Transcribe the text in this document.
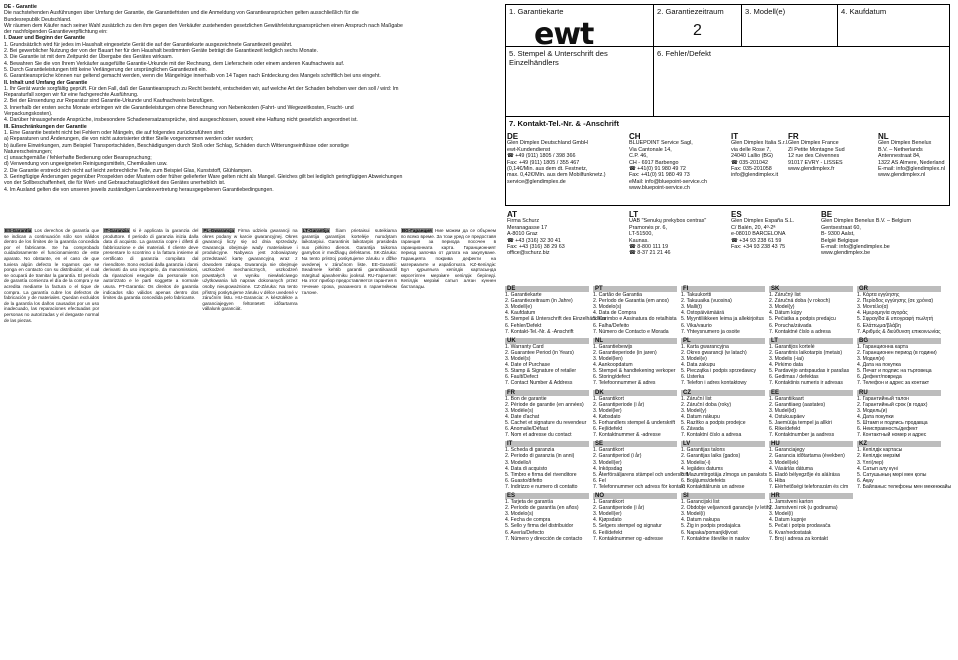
DE - Garantie

Die nachstehenden Ausführungen über Umfang der Garantie, die Garantiefristen und die Anmeldung von Garantieansprüchen gelten ausschließlich für die

Bundesrepublik Deutschland.

Wir räumen dem Käufer nach seiner Wahl zusätzlich zu den ihm gegen den Verkäufer zustehenden gesetzlichen Gewährleistungsansprüchen einen Anspruch nach Maßgabe

der nachfolgenden Garantieverpflichtung ein:

I. Dauer und Beginn der Garantie

1. Grundsätzlich wird für jedes im Haushalt eingesetzte Gerät die auf der Garantiekarte ausgezeichnete Garantiezeit gewährt.

2. Bei gewerblicher Nutzung der von der Bauart her für den Haushalt bestimmten Geräte beträgt die Garantiezeit lediglich sechs Monate.

3. Die Garantie ist mit dem Zeitpunkt der Übergabe des Gerätes wirksam.

4. Bewahren Sie die von Ihrem Verkäufer ausgefüllte Garantie-Urkunde mit der Rechnung, dem Lieferschein oder einem anderen Kaufnachweis auf.

5. Durch Garantieleistungen tritt keine Verlängerung der ursprünglichen Garantiezeit ein.

6. Garantieansprüche können nur geltend gemacht werden, wenn die Mängelrüge innerhalb von 14 Tagen nach Entdeckung des Mangels schriftlich bei uns eingeht.

II. Inhalt und Umfang der Garantie

1. Ihr Gerät wurde sorgfältig geprüft. Für den Fall, daß der Garantieanspruch zu Recht besteht, entscheiden wir, auf welche Art der Schaden behoben wer den soll / wird: Im

Reparaturfall sorgen wir für eine fachgerechte Ausführung.

2. Bei der Einsendung zur Reparatur sind Garantie-Urkunde und Kaufnachweis beizufügen.

3. Innerhalb der ersten sechs Monate erbringen wir die Garantieleistungen ohne Berechnung von Nebenkosten (Fahrt- und Wegezeitkosten, Fracht- und

Verpackungskosten).

4. Darüber hinausgehende Ansprüche, insbesondere Schadenersatzansprüche, sind ausgeschlossen, soweit eine Haftung nicht gesetzlich angeordnet ist.

III. Einschränkungen der Garantie

1. Eine Garantie besteht nicht bei Fehlern oder Mängeln, die auf folgendes zurückzuführen sind:

a) Reparaturen und Änderungen, die von nicht autorisierter dritter Stelle vorgenommen werden oder wurden;

b) äußere Einwirkungen, zum Beispiel Transportschäden, Beschädigungen durch Stoß oder Schlag, Schäden durch Witterungseinflüsse oder sonstige

Naturerscheinungen;

c) unsachgemäße / fehlerhafte Bedienung oder Beanspruchung;

d) Verwendung von ungeeigneten Reinigungsmitteln, Chemikalien usw.

2. Die Garantie erstreckt sich nicht auf leicht zerbrechliche Teile, zum Beispiel Glas, Kunststoff, Glühlampen.

3. Geringfügige Änderungen gegenüber Prospekten oder Mustern oder früher gelieferter Ware gelten nicht als Mangel. Gleiches gilt bei lediglich geringfügigen Abweichungen

von der Sollbeschaffenheit, die für Wert- und Gebrauchstauglichkeit des Gerätes unerheblich ist.

4. Im Ausland gelten die von unseren jeweils zuständigen Landesvertretung herausgegebenen Garantiebedingungen.

ES-Garantía Los derechos de garantía que se indican a continuación sólo son válidos dentro de los límites de la garantía concedida por el fabricante. Se ha comprobado cuidadosamente el funcionamiento de este aparato. No obstante, en el caso de que tuviera algún defecto le rogamos que se ponga en contacto con su distribuidor, el cual se ocupará de tramitar la garantía. El período de garantía comienza el día de la compra y se acredita mediante la factura o el tique de compra. La garantía cubre los defectos de fabricación y de materiales. Quedan excluidos de la garantía los daños causados por un uso inadecuado, las reparaciones efectuadas por personas no autorizadas y el desgaste normal de las piezas.
IT-Garanzia si è applicata la garanzia del produttore. Il periodo di garanzia inizia dalla data di acquisto. La garanzia copre i difetti di fabbricazione e dei materiali. Il cliente deve presentare lo scontrino o la fattura insieme al certificato di garanzia compilato dal rivenditore. Sono esclusi dalla garanzia i danni derivanti da uso improprio, da manomissioni, da riparazioni eseguite da personale non autorizzato e le parti soggette a normale usura. PT-Garantia: Os direitos de garantia indicados são válidos apenas dentro dos limites da garantia concedida pelo fabricante.
PL-Gwarancja Firma udziela gwarancji na okres podany w karcie gwarancyjnej. Okres gwarancji liczy się od dnia sprzedaży. Gwarancja obejmuje wady materiałowe i produkcyjne. Nabywca jest zobowiązany przedstawić kartę gwarancyjną wraz z dowodem zakupu. Gwarancja nie obejmuje uszkodzeń mechanicznych, uszkodzeń powstałych w wyniku niewłaściwego użytkowania lub napraw dokonanych przez osoby nieupoważnione. CZ-Záruka: Na tento přístroj poskytujeme záruku v délce uvedené v záručním listu. HU-Garancia: A készülékre a garanciajegyen feltüntetett időtartamra vállalunk garanciát.
LT-Garantija Šiam prietaisui suteikiama garantija garantijos kortelėje nurodytam laikotarpiui. Garantinis laikotarpis prasideda nuo pirkimo dienos. Garantija taikoma gamybos ir medžiagų defektams. SK-Záruka: Na tento prístroj poskytujeme záruku v dĺžke uvedenej v záručnom liste. EE-Garantii: Seadmele kehtib garantii garantiikaardil märgitud ajavahemiku jooksul. RU-Гарантия: На этот прибор предоставляется гарантия в течение срока, указанного в гарантийном талоне.
BG-Гаранция Ние можем да се обърнем по всяко време. За този уред се предоставя гаранция за периода посочен в гаранционната карта. Гаранционният период започва от датата на закупуване. Гаранцията покрива дефекти на материалите и изработката. KZ-Кепілдік: Бұл құрылғыға кепілдік картасында көрсетілген мерзімге кепілдік беріледі. Кепілдік мерзімі сатып алған күннен басталады.
1. Garantiekarte
ewt
2. Garantiezeitraum
2
3. Modell(e)	4. Kaufdatum
5. Stempel & Unterschrift des Einzelhändlers
6. Fehler/Defekt
7. Kontakt-Tel.-Nr. & -Anschrift
DE
Glen Dimplex Deutschland GmbH
ewt-Kundendienst
☎ +49 (911) 1805 / 398 366
Fax: +49 (911) 1805 / 355 467
(0,14€/Min. aus dem dt. Festnetz,
max. 0,42€/Min. aus dem Mobilfunknetz.)
service@glendimplex.de
CH
BLUEPOINT Service Sagl,
Via Cantonale 14,
C.P. 46,
CH - 6917 Barbengo
☎ +41(0) 91 980 49 72
Fax: +41(0) 91 980 49 73
eMail: info@bluepoint-service.ch
www.bluepoint-service.ch
IT
Glen Dimplex Italia S.r.l.
via delle Rose 7,
24040 Lallio (BG)
☎ 035-201042
Fax: 035-201058
info@glendimplex.it
FR
Glen Dimplex France
ZI Petite Montagne Sud
12 rue des Cévennes
91017 EVRY - LISSES
www.glendimplex.fr
NL
Glen Dimplex Benelux
B.V. – Netherlands
Antennestraat 84,
1322 AS Almere, Nederland
E-mail: info@glendimplex.nl
www.glendimplex.nl
AT
Firma Schurz
Meranagasse 17
A-8010 Graz
☎ +43 (316) 32 30 41
Fax: +43 (316) 38 29 63
office@schurz.biz
LT
UAB "Senukų prekybos centras"
Pramonės pr. 6,
LT-51500,
Kaunas.
☎ 8-800 111 19
☎ 8-37 21 21 46
ES
Glen Dimplex España S.L.
C/ Balén, 20, 4º-2ª
e-08010 BARCELONA
☎ +34 93 238 61 59
Fax: +34 93 238 43 75
BE
Glen Dimplex Benelux B.V. – Belgium
Gentsestraat 60,
B- 9300 Aalst,
België Belgique
E-mail: info@glendimplex.be
www.glendimplex.be
DE
1. Garantiekarte
2. Garantiezeitraum (in Jahre)
3. Modell(e)
4. Kaufdatum
5. Stempel & Unterschrift des Einzelhändlers
6. Fehler/Defekt
7. Kontakt-Tel.-Nr. & -Anschrift
UK
1. Warranty Card
2. Guarantee Period (in Years)
3. Model(s)
4. Date of Purchase
5. Stamp & Signature of retailer
6. Fault/Defect
7. Contact Number & Address
FR
1. Bon de garantie
2. Période de garantie (en années)
3. Modèle(s)
4. Date d'achat
5. Cachet et signature du revendeur
6. Anomalie/Défaut
7. Nom et adresse du contact
IT
1. Scheda di garanzia
2. Periodo di garanzia (in anni)
3. Modello/i
4. Data di acquisto
5. Timbro e firma del rivenditore
6. Guasto/difetto
7. Indirizzo e numero di contatto
ES
1. Tarjeta de garantía
2. Período de garantía (en años)
3. Modelo(s)
4. Fecha de compra
5. Sello y firma del distribuidor
6. Avería/Defecto
7. Número y dirección de contacto
PT
1. Cartão de Garantia
2. Período de Garantia (em anos)
3. Modelo(s)
4. Data de Compra
5. Carimbo e Assinatura do retalhista
6. Falha/Defeito
7. Número de Contacto e Morada
NL
1. Garantiebewijs
2. Garantieperiode (in jaren)
3. Model(len)
4. Aankoopdatum
5. Stempel & handtekening verkoper
6. Storing/defect
7. Telefoonnummer & adres
DK
1. Garantikort
2. Garantiperiode (i år)
3. Model(ler)
4. Købsdato
5. Forhandlers stempel & underskrift
6. Fejl/defekt
7. Kontaktnummer & -adresse
SE
1. Garantikort
2. Garantiperiod (i år)
3. Modell(er)
4. Inköpsdag
5. Återförsäljarens stämpel och underskrift
6. Fel
7. Telefonnummer och adress för kontakt
NO
1. Garantikort
2. Garantiperiode (i år)
3. Modell(er)
4. Kjøpsdato
5. Selgers stempel og signatur
6. Feil/defekt
7. Kontaktnummer og -adresse
FI
1. Takuukortti
2. Takuuaika (vuosina)
3. Malli(t)
4. Ostopäivämäärä
5. Myyntiliikkeen leima ja allekirjoitus
6. Vika/vaurio
7. Yhteysnumero ja osoite
PL
1. Karta gwarancyjna
2. Okres gwarancji (w latach)
3. Model(e)
4. Data zakupu
5. Pieczątka i podpis sprzedawcy
6. Usterka
7. Telefon i adres kontaktowy
CZ
1. Záruční list
2. Záruční doba (roky)
3. Model(y)
4. Datum nákupu
5. Razítko a podpis prodejce
6. Závada
7. Kontaktní číslo a adresa
LV
1. Garantijas talons
2. Garantijas laiks (gados)
3. Modelis(-i)
4. Iegādes datums
5. Mazumtirgotāja zīmogs un paraksts
6. Bojājums/defekts
7. Kontakttālrunis un adrese
SI
1. Garancijski list
2. Obdobje veljavnosti garancije (v letih)
3. Model(i)
4. Datum nakupa
5. Žig in podpis prodajalca
6. Napaka/pomanjkljivost
7. Kontaktne številke in naslov
SK
1. Záručný list
2. Záručná doba (v rokoch)
3. Model(y)
4. Dátum kúpy
5. Pečiatka a podpis predajcu
6. Porucha/závada
7. Kontaktné číslo a adresa
LT
1. Garantijos kortelė
2. Garantinis laikotarpis (metais)
3. Modelis (-iai)
4. Pirkimo data
5. Pardavėjo antspaudas ir parašas
6. Gedimas / defektas
7. Kontaktinis numeris ir adresas
EE
1. Garantiikaart
2. Garantiiaeg (aastates)
3. Mudel(id)
4. Ostukuupäev
5. Jaemüüja tempel ja allkiri
6. Rike/defekt
7. Kontaktnumber ja aadress
HU
1. Garanciajegy
2. Garancia időtartama (években)
3. Modell(ek)
4. Vásárlás dátuma
5. Eladó bélyegzője és aláírása
6. Hiba
7. Elérhetőségi telefonszám és cím
HR
1. Jamstveni karton
2. Jamstveni rok (u godinama)
3. Model(i)
4. Datum kupnje
5. Pečat i potpis prodavača
6. Kvar/nedostatak
7. Broj i adresa za kontakt
GR
1. Κάρτα εγγύησης
2. Περίοδος εγγύησης (σε χρόνια)
3. Μοντέλο(α)
4. Ημερομηνία αγοράς
5. Σφραγίδα & υπογραφή πωλητή
6. Ελάττωμα/βλάβη
7. Αριθμός & διεύθυνση επικοινωνίας
BG
1. Гаранционна карта
2. Гаранционен период (в години)
3. Модел(и)
4. Дата на покупка
5. Печат и подпис на търговеца
6. Дефект/повреда
7. Телефон и адрес за контакт
RU
1. Гарантийный талон
2. Гарантийный срок (в годах)
3. Модель(и)
4. Дата покупки
5. Штамп и подпись продавца
6. Неисправность/дефект
7. Контактный номер и адрес
KZ
1. Кепілдік картасы
2. Кепілдік мерзімі
3. Үлгі(лер)
4. Сатып алу күні
5. Сатушының мөрі мен қолы
6. Ақау
7. Байланыс телефоны мен мекенжайы
